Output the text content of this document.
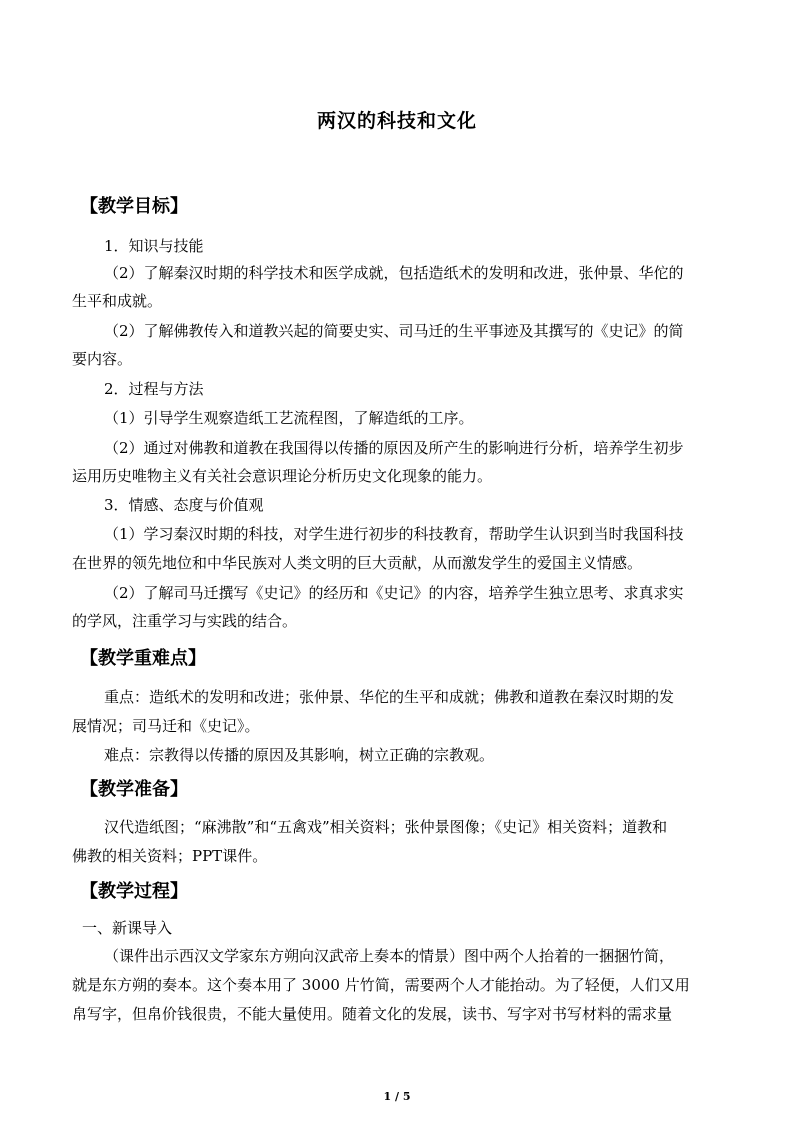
两汉的科技和文化
【教学目标】
1．知识与技能
（2）了解秦汉时期的科学技术和医学成就，包括造纸术的发明和改进，张仲景、华佗的
生平和成就。
（2）了解佛教传入和道教兴起的简要史实、司马迁的生平事迹及其撰写的《史记》的简
要内容。
2．过程与方法
（1）引导学生观察造纸工艺流程图，了解造纸的工序。
（2）通过对佛教和道教在我国得以传播的原因及所产生的影响进行分析，培养学生初步
运用历史唯物主义有关社会意识理论分析历史文化现象的能力。
3．情感、态度与价值观
（1）学习秦汉时期的科技，对学生进行初步的科技教育，帮助学生认识到当时我国科技
在世界的领先地位和中华民族对人类文明的巨大贡献，从而激发学生的爱国主义情感。
（2）了解司马迁撰写《史记》的经历和《史记》的内容，培养学生独立思考、求真求实
的学风，注重学习与实践的结合。
【教学重难点】
重点：造纸术的发明和改进；张仲景、华佗的生平和成就；佛教和道教在秦汉时期的发
展情况；司马迁和《史记》。
难点：宗教得以传播的原因及其影响，树立正确的宗教观。
【教学准备】
汉代造纸图；“麻沸散”和“五禽戏”相关资料；张仲景图像；《史记》相关资料；道教和
佛教的相关资料；PPT课件。
【教学过程】
一、新课导入
（课件出示西汉文学家东方朔向汉武帝上奏本的情景）图中两个人抬着的一捆捆竹简，
就是东方朔的奏本。这个奏本用了 3000 片竹简，需要两个人才能抬动。为了轻便，人们又用
帛写字，但帛价钱很贵，不能大量使用。随着文化的发展，读书、写字对书写材料的需求量
1 / 5
